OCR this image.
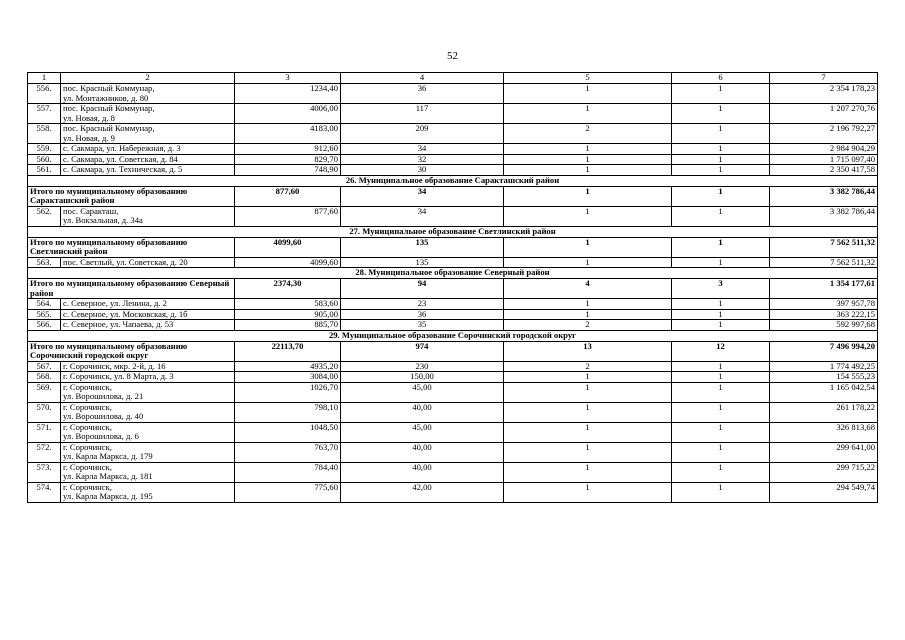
52
1	2	3	4	5	6	7
556.	пос. Красный Коммунар,
ул. Монтажников, д. 80	1234,40	36	1	1	2 354 178,23
557.	пос. Красный Коммунар,
ул. Новая, д. 8	4006,00	117	1	1	1 207 270,76
558.	пос. Красный Коммунар,
ул. Новая, д. 9	4183,00	209	2	1	2 196 792,27
559.	с. Сакмара, ул. Набережная, д. 3	912,60	34	1	1	2 984 904,29
560.	с. Сакмара, ул. Советская, д. 84	829,70	32	1	1	1 715 097,40
561.	с. Сакмара, ул. Техническая, д. 5	748,90	30	1	1	2 350 417,58
26. Муниципальное образование Саракташский район						
Итого по муниципальному образованию Саракташский район		877,60	34	1	1	3 382 786,44
562.	пос. Саракташ,
ул. Вокзальная, д. 34а	877,60	34	1	1	3 382 786,44
27. Муниципальное образование Светлинский район						
Итого по муниципальному образованию Светлинский район		4099,60	135	1	1	7 562 511,32
563.	пос. Светлый, ул. Советская, д. 20	4099,60	135	1	1	7 562 511,32
28. Муниципальное образование Северный район						
Итого по муниципальному образованию Северный район		2374,30	94	4	3	1 354 177,61
564.	с. Северное, ул. Ленина, д. 2	583,60	23	1	1	397 957,78
565.	с. Северное, ул. Московская, д. 1б	905,00	36	1	1	363 222,15
566.	с. Северное, ул. Чапаева, д. 53	885,70	35	2	1	592 997,68
29. Муниципальное образование Сорочинский городской округ						
Итого по муниципальному образованию Сорочинский городской округ		22113,70	974	13	12	7 496 994,20
567.	г. Сорочинск, мкр. 2-й, д. 16	4935,20	230	2	1	1 774 492,25
568.	г. Сорочинск, ул. 8 Марта, д. 3	3084,00	150,00	1	1	154 555,23
569.	г. Сорочинск,
ул. Ворошилова, д. 21	1026,70	45,00	1	1	1 165 042,54
570.	г. Сорочинск,
ул. Ворошилова, д. 40	798,10	40,00	1	1	261 178,22
571.	г. Сорочинск,
ул. Ворошилова, д. 6	1048,50	45,00	1	1	326 813,68
572.	г. Сорочинск,
ул. Карла Маркса, д. 179	763,70	40,00	1	1	299 641,00
573.	г. Сорочинск,
ул. Карла Маркса, д. 181	784,40	40,00	1	1	299 715,22
574.	г. Сорочинск,
ул. Карла Маркса, д. 195	775,60	42,00	1	1	294 549,74
